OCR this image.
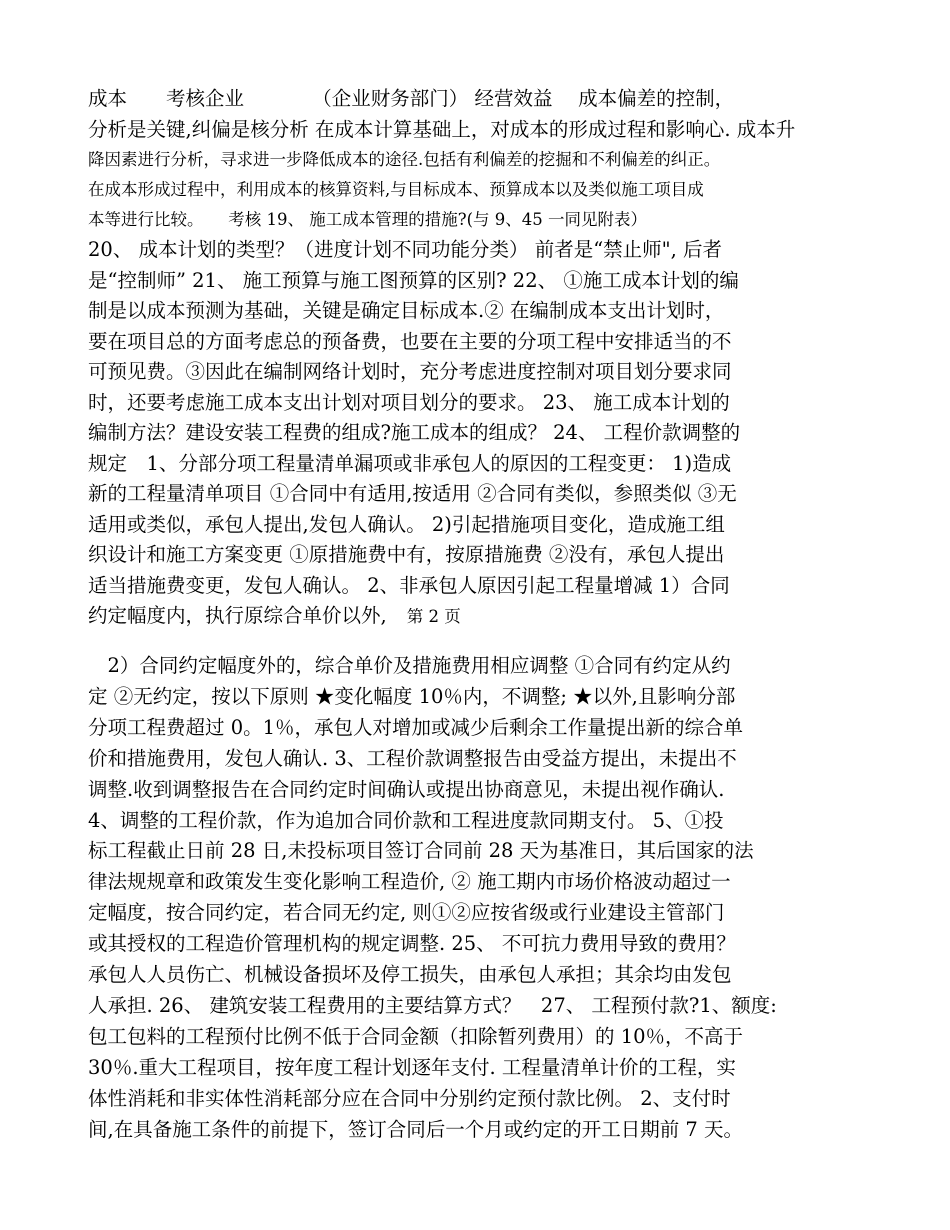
成本　　考核企业　　　　（企业财务部门） 经营效益 　成本偏差的控制，
分析是关键,纠偏是核分析 在成本计算基础上，对成本的形成过程和影响心. 成本升
降因素进行分析，寻求进一步降低成本的途径.包括有利偏差的挖掘和不利偏差的纠正。
在成本形成过程中，利用成本的核算资料,与目标成本、预算成本以及类似施工项目成
本等进行比较。　　考核 19、 施工成本管理的措施?(与 9、45 一同见附表）
20、 成本计划的类型？（进度计划不同功能分类） 前者是“禁止师", 后者
是“控制师” 21、 施工预算与施工图预算的区别? 22、 ①施工成本计划的编
制是以成本预测为基础，关键是确定目标成本.② 在编制成本支出计划时，
要在项目总的方面考虑总的预备费，也要在主要的分项工程中安排适当的不
可预见费。③因此在编制网络计划时，充分考虑进度控制对项目划分要求同
时，还要考虑施工成本支出计划对项目划分的要求。 23、 施工成本计划的
编制方法？建设安装工程费的组成?施工成本的组成？ 24、 工程价款调整的
规定　1、分部分项工程量清单漏项或非承包人的原因的工程变更： 1)造成
新的工程量清单项目 ①合同中有适用,按适用 ②合同有类似，参照类似 ③无
适用或类似，承包人提出,发包人确认。 2)引起措施项目变化，造成施工组
织设计和施工方案变更 ①原措施费中有，按原措施费 ②没有，承包人提出
适当措施费变更，发包人确认。 2、非承包人原因引起工程量增减 1）合同
约定幅度内，执行原综合单价以外, 第 2 页
　2）合同约定幅度外的，综合单价及措施费用相应调整 ①合同有约定从约
定 ②无约定，按以下原则 ★变化幅度 10％内，不调整; ★以外,且影响分部
分项工程费超过 0。1％，承包人对增加或减少后剩余工作量提出新的综合单
价和措施费用，发包人确认. 3、工程价款调整报告由受益方提出，未提出不
调整.收到调整报告在合同约定时间确认或提出协商意见，未提出视作确认.
4、调整的工程价款，作为追加合同价款和工程进度款同期支付。 5、①投
标工程截止日前 28 日,未投标项目签订合同前 28 天为基准日，其后国家的法
律法规规章和政策发生变化影响工程造价, ② 施工期内市场价格波动超过一
定幅度，按合同约定，若合同无约定, 则①②应按省级或行业建设主管部门
或其授权的工程造价管理机构的规定调整. 25、 不可抗力费用导致的费用？
承包人人员伤亡、机械设备损坏及停工损失，由承包人承担；其余均由发包
人承担. 26、 建筑安装工程费用的主要结算方式？　27、 工程预付款?1、额度:
包工包料的工程预付比例不低于合同金额（扣除暂列费用）的 10％，不高于
30％.重大工程项目，按年度工程计划逐年支付. 工程量清单计价的工程，实
体性消耗和非实体性消耗部分应在合同中分别约定预付款比例。 2、支付时
间,在具备施工条件的前提下，签订合同后一个月或约定的开工日期前 7 天。
